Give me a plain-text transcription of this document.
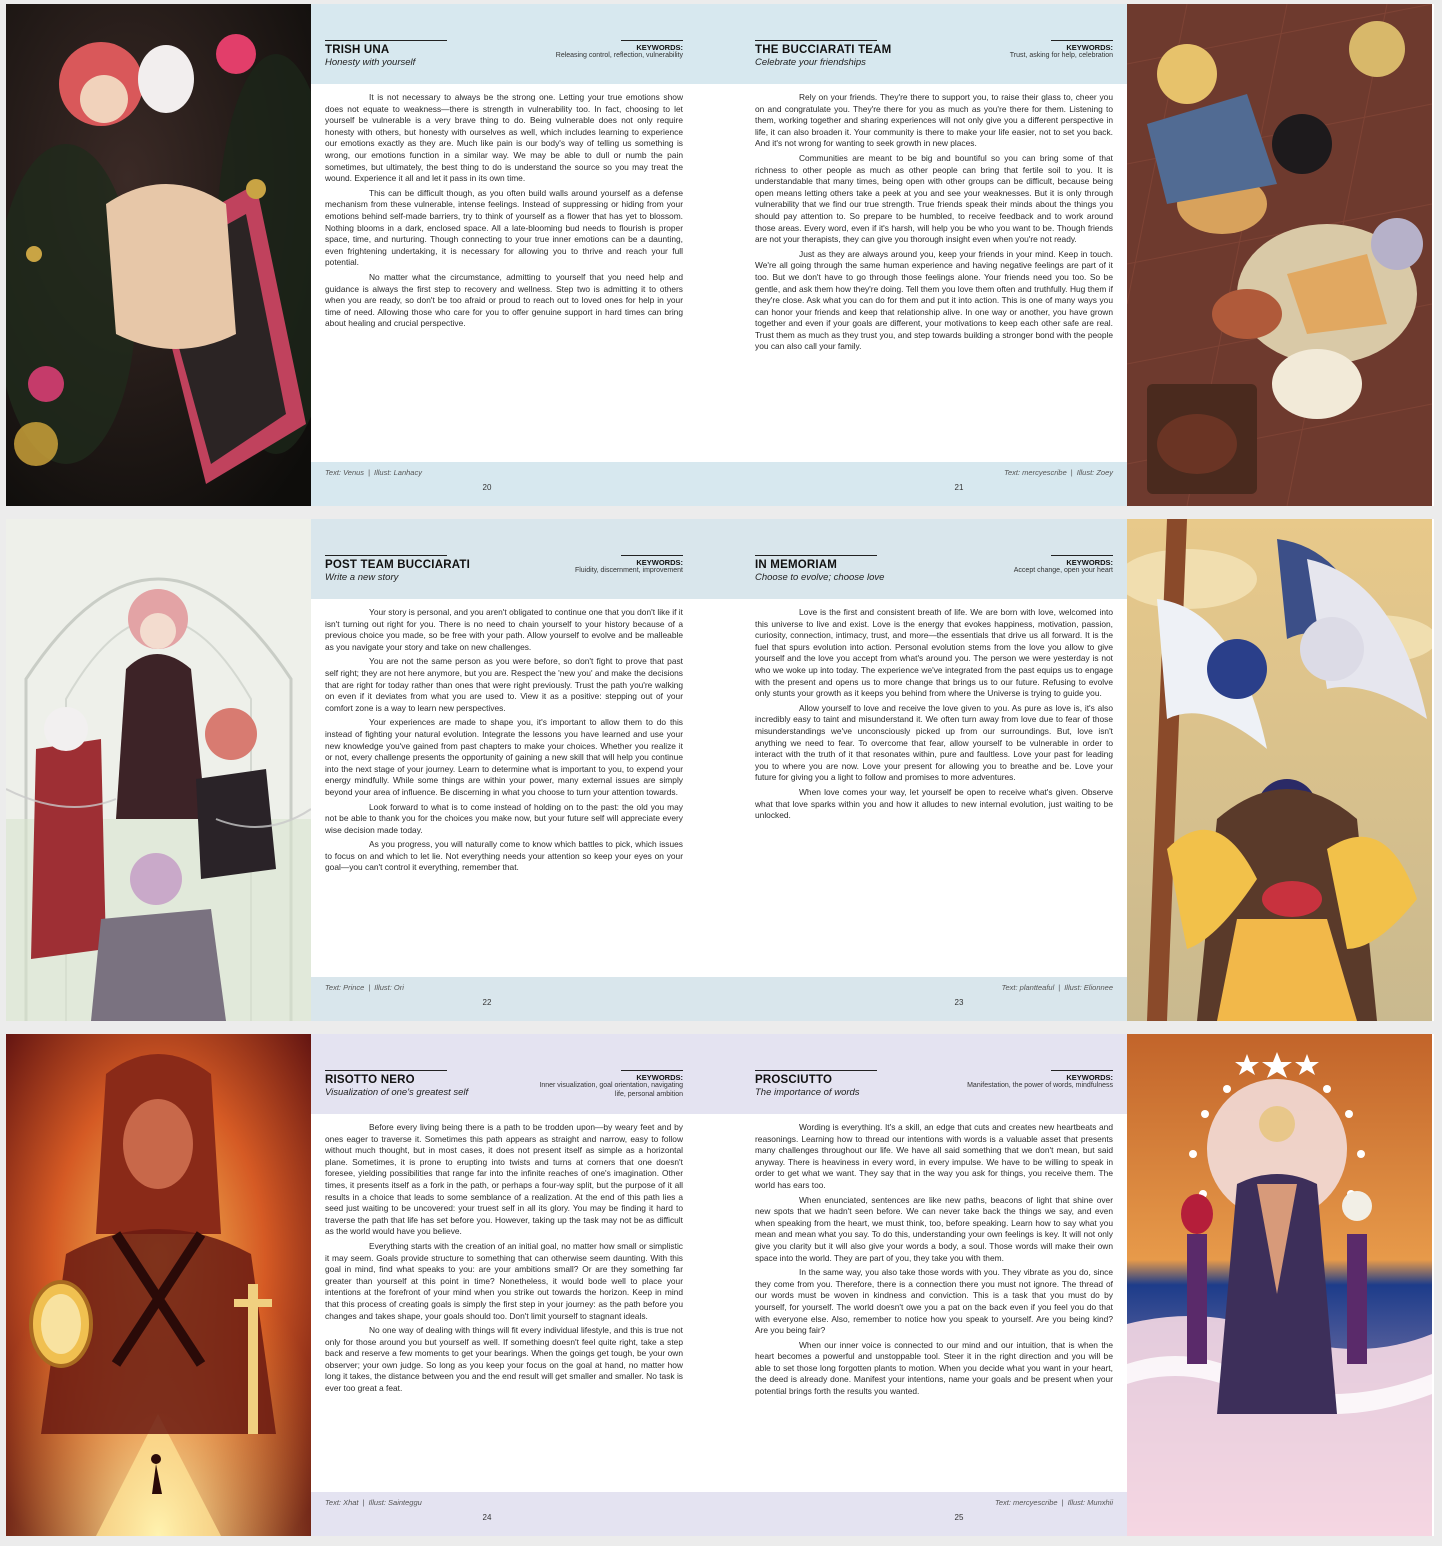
TRISH UNA
Honesty with yourself
KEYWORDS:
Releasing control, reflection, vulnerability

It is not necessary to always be the strong one. Letting your true emotions show does not equate to weakness—there is strength in vulnerability too. In fact, choosing to let yourself be vulnerable is a very brave thing to do. Being vulnerable does not only require honesty with others, but honesty with ourselves as well, which includes learning to experience our emotions exactly as they are. Much like pain is our body's way of telling us something is wrong, our emotions function in a similar way. We may be able to dull or numb the pain sometimes, but ultimately, the best thing to do is understand the source so you may treat the wound. Experience it all and let it pass in its own time.

This can be difficult though, as you often build walls around yourself as a defense mechanism from these vulnerable, intense feelings. Instead of suppressing or hiding from your emotions behind self-made barriers, try to think of yourself as a flower that has yet to blossom. Nothing blooms in a dark, enclosed space. All a late-blooming bud needs to flourish is proper space, time, and nurturing. Though connecting to your true inner emotions can be a daunting, even frightening undertaking, it is necessary for allowing you to thrive and reach your full potential.

No matter what the circumstance, admitting to yourself that you need help and guidance is always the first step to recovery and wellness. Step two is admitting it to others when you are ready, so don't be too afraid or proud to reach out to loved ones for help in your time of need. Allowing those who care for you to offer genuine support in hard times can bring about healing and crucial perspective.

Text: Venus | Illust: Lanhacy
20
THE BUCCIARATI TEAM
Celebrate your friendships
KEYWORDS:
Trust, asking for help, celebration

Rely on your friends. They're there to support you, to raise their glass to, cheer you on and congratulate you. They're there for you as much as you're there for them. Listening to them, working together and sharing experiences will not only give you a different perspective in life, it can also broaden it. Your community is there to make your life easier, not to set you back. And it's not wrong for wanting to seek growth in new places.

Communities are meant to be big and bountiful so you can bring some of that richness to other people as much as other people can bring that fertile soil to you. It is understandable that many times, being open with other groups can be difficult, because being open means letting others take a peek at you and see your weaknesses. But it is only through vulnerability that we find our true strength. True friends speak their minds about the things you should pay attention to. So prepare to be humbled, to receive feedback and to work around those areas. Every word, even if it's harsh, will help you be who you want to be. Though friends are not your therapists, they can give you thorough insight even when you're not ready.

Just as they are always around you, keep your friends in your mind. Keep in touch. We're all going through the same human experience and having negative feelings are part of it too. But we don't have to go through those feelings alone. Your friends need you too. So be gentle, and ask them how they're doing. Tell them you love them often and truthfully. Hug them if they're close. Ask what you can do for them and put it into action. This is one of many ways you can honor your friends and keep that relationship alive. In one way or another, you have grown together and even if your goals are different, your motivations to keep each other safe are real. Trust them as much as they trust you, and step towards building a stronger bond with the people you can also call your family.

Text: mercyescribe | Illust: Zoey
21
POST TEAM BUCCIARATI
Write a new story
KEYWORDS:
Fluidity, discernment, improvement

Your story is personal, and you aren't obligated to continue one that you don't like if it isn't turning out right for you. There is no need to chain yourself to your history because of a previous choice you made, so be free with your path. Allow yourself to evolve and be malleable as you navigate your story and take on new challenges.

You are not the same person as you were before, so don't fight to prove that past self right; they are not here anymore, but you are. Respect the 'new you' and make the decisions that are right for today rather than ones that were right previously. Trust the path you're walking on even if it deviates from what you are used to. View it as a positive: stepping out of your comfort zone is a way to learn new perspectives.

Your experiences are made to shape you, it's important to allow them to do this instead of fighting your natural evolution. Integrate the lessons you have learned and use your new knowledge you've gained from past chapters to make your choices. Whether you realize it or not, every challenge presents the opportunity of gaining a new skill that will help you continue into the next stage of your journey. Learn to determine what is important to you, to expend your energy mindfully. While some things are within your power, many external issues are simply beyond your area of influence. Be discerning in what you choose to turn your attention towards.

Look forward to what is to come instead of holding on to the past: the old you may not be able to thank you for the choices you make now, but your future self will appreciate every wise decision made today.

As you progress, you will naturally come to know which battles to pick, which issues to focus on and which to let lie. Not everything needs your attention so keep your eyes on your goal—you can't control it everything, remember that.

Text: Prince | Illust: Ori
22
IN MEMORIAM
Choose to evolve; choose love
KEYWORDS:
Accept change, open your heart

Love is the first and consistent breath of life. We are born with love, welcomed into this universe to live and exist. Love is the energy that evokes happiness, motivation, passion, curiosity, connection, intimacy, trust, and more—the essentials that drive us all forward. It is the fuel that spurs evolution into action. Personal evolution stems from the love you allow to give yourself and the love you accept from what's around you. The person we were yesterday is not who we woke up into today. The experience we've integrated from the past equips us to engage with the present and opens us to more change that brings us to our future. Refusing to evolve only stunts your growth as it keeps you behind from where the Universe is trying to guide you.

Allow yourself to love and receive the love given to you. As pure as love is, it's also incredibly easy to taint and misunderstand it. We often turn away from love due to fear of those misunderstandings we've unconsciously picked up from our surroundings. But, love isn't anything we need to fear. To overcome that fear, allow yourself to be vulnerable in order to interact with the truth of it that resonates within, pure and faultless. Love your past for leading you to where you are now. Love your present for allowing you to breathe and be. Love your future for giving you a light to follow and promises to more adventures.

When love comes your way, let yourself be open to receive what's given. Observe what that love sparks within you and how it alludes to new internal evolution, just waiting to be unlocked.

Text: plantteaful | Illust: Elionnee
23
RISOTTO NERO
Visualization of one's greatest self
KEYWORDS:
Inner visualization, goal orientation, navigating life, personal ambition

Before every living being there is a path to be trodden upon—by weary feet and by ones eager to traverse it. Sometimes this path appears as straight and narrow, easy to follow without much thought, but in most cases, it does not present itself as simple as a horizontal plane. Sometimes, it is prone to erupting into twists and turns at corners that one doesn't foresee, yielding possibilities that range far into the infinite reaches of one's imagination. Other times, it presents itself as a fork in the path, or perhaps a four-way split, but the purpose of it all results in a choice that leads to some semblance of a realization. At the end of this path lies a seed just waiting to be uncovered: your truest self in all its glory. You may be finding it hard to traverse the path that life has set before you. However, taking up the task may not be as difficult as the world would have you believe.

Everything starts with the creation of an initial goal, no matter how small or simplistic it may seem. Goals provide structure to something that can otherwise seem daunting. With this goal in mind, find what speaks to you: are your ambitions small? Or are they something far greater than yourself at this point in time? Nonetheless, it would bode well to place your intentions at the forefront of your mind when you strike out towards the horizon. Keep in mind that this process of creating goals is simply the first step in your journey: as the path before you changes and takes shape, your goals should too. Don't limit yourself to stagnant ideals.

No one way of dealing with things will fit every individual lifestyle, and this is true not only for those around you but yourself as well. If something doesn't feel quite right, take a step back and reserve a few moments to get your bearings. When the goings get tough, be your own observer; your own judge. So long as you keep your focus on the goal at hand, no matter how long it takes, the distance between you and the end result will get smaller and smaller. No task is ever too great a feat.

Text: Xhat | Illust: Sainteggu
24
PROSCIUTTO
The importance of words
KEYWORDS:
Manifestation, the power of words, mindfulness

Wording is everything. It's a skill, an edge that cuts and creates new heartbeats and reasonings. Learning how to thread our intentions with words is a valuable asset that presents many challenges throughout our life. We have all said something that we don't mean, but said anyway. There is heaviness in every word, in every impulse. We have to be willing to speak in order to get what we want. They say that in the way you ask for things, you receive them. The world has ears too.

When enunciated, sentences are like new paths, beacons of light that shine over new spots that we hadn't seen before. We can never take back the things we say, and even when speaking from the heart, we must think, too, before speaking. Learn how to say what you mean and mean what you say. To do this, understanding your own feelings is key. It will not only give you clarity but it will also give your words a body, a soul. Those words will make their own space into the world. They are part of you, they take you with them.

In the same way, you also take those words with you. They vibrate as you do, since they come from you. Therefore, there is a connection there you must not ignore. The thread of our words must be woven in kindness and conviction. This is a task that you must do by yourself, for yourself. The world doesn't owe you a pat on the back even if you feel you do that with everyone else. Also, remember to notice how you speak to yourself. Are you being kind? Are you being fair?

When our inner voice is connected to our mind and our intuition, that is when the heart becomes a powerful and unstoppable tool. Steer it in the right direction and you will be able to set those long forgotten plants to motion. When you decide what you want in your heart, the deed is already done. Manifest your intentions, name your goals and be present when your potential brings forth the results you wanted.

Text: mercyescribe | Illust: Munxhii
25
